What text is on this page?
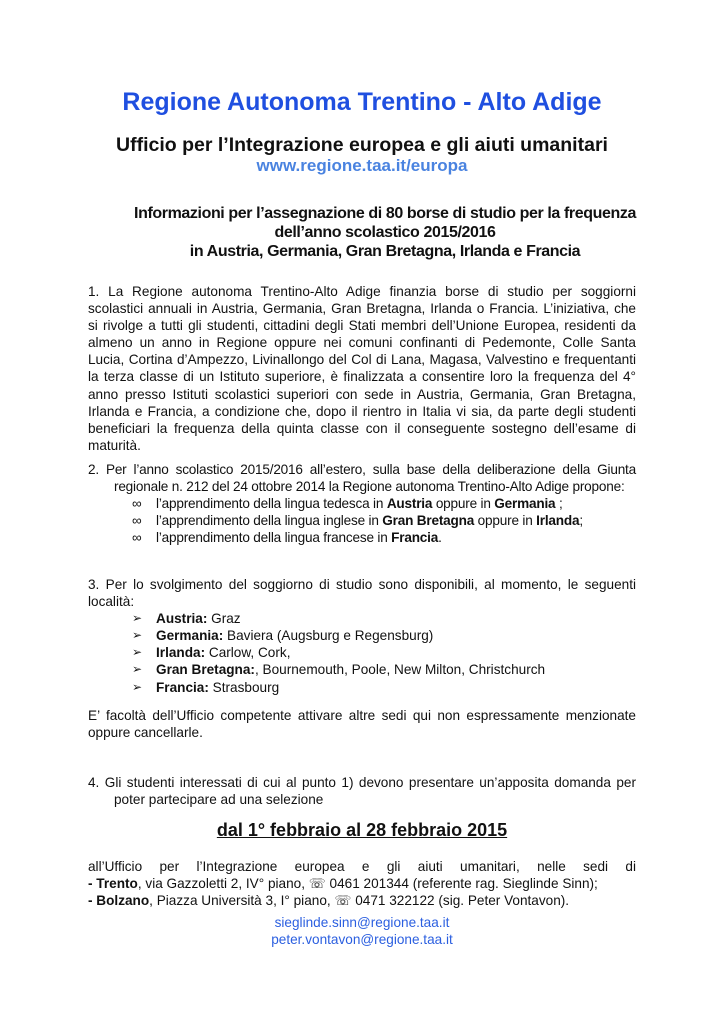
Regione Autonoma Trentino - Alto Adige
Ufficio per l’Integrazione europea e gli aiuti umanitari
www.regione.taa.it/europa
Informazioni per l’assegnazione di 80 borse di studio per la frequenza
dell’anno scolastico 2015/2016
in Austria, Germania, Gran Bretagna, Irlanda e Francia
1. La Regione autonoma Trentino-Alto Adige finanzia borse di studio per soggiorni scolastici annuali in Austria, Germania, Gran Bretagna, Irlanda o Francia. L’iniziativa, che si rivolge a tutti gli studenti, cittadini degli Stati membri dell’Unione Europea, residenti da almeno un anno in Regione oppure nei comuni confinanti di Pedemonte, Colle Santa Lucia, Cortina d’Ampezzo, Livinallongo del Col di Lana, Magasa, Valvestino e frequentanti la terza classe di un Istituto superiore, è finalizzata a consentire loro la frequenza del 4° anno presso Istituti scolastici superiori con sede in Austria, Germania, Gran Bretagna, Irlanda e Francia, a condizione che, dopo il rientro in Italia vi sia, da parte degli studenti beneficiari la frequenza della quinta classe con il conseguente sostegno dell’esame di maturità.
2. Per l’anno scolastico 2015/2016 all’estero, sulla base della deliberazione della Giunta regionale n. 212 del 24 ottobre 2014 la Regione autonoma Trentino-Alto Adige propone:
∞ l’apprendimento della lingua tedesca in Austria oppure in Germania ;
∞ l’apprendimento della lingua inglese in Gran Bretagna oppure in Irlanda;
∞ l’apprendimento della lingua francese in Francia.
3. Per lo svolgimento del soggiorno di studio sono disponibili, al momento, le seguenti località:
➢ Austria: Graz
➢ Germania: Baviera (Augsburg e Regensburg)
➢ Irlanda: Carlow, Cork,
➢ Gran Bretagna:, Bournemouth, Poole, New Milton, Christchurch
➢ Francia: Strasbourg
E’ facoltà dell’Ufficio competente attivare altre sedi qui non espressamente menzionate oppure cancellarle.
4. Gli studenti interessati di cui al punto 1) devono presentare un’apposita domanda per poter partecipare ad una selezione
dal 1° febbraio al 28 febbraio 2015
all’Ufficio per l’Integrazione europea e gli aiuti umanitari, nelle sedi di
- Trento, via Gazzoletti 2, IV° piano, ☏ 0461 201344 (referente rag. Sieglinde Sinn);
- Bolzano, Piazza Università 3, I° piano, ☏ 0471 322122 (sig. Peter Vontavon).
sieglinde.sinn@regione.taa.it
peter.vontavon@regione.taa.it
